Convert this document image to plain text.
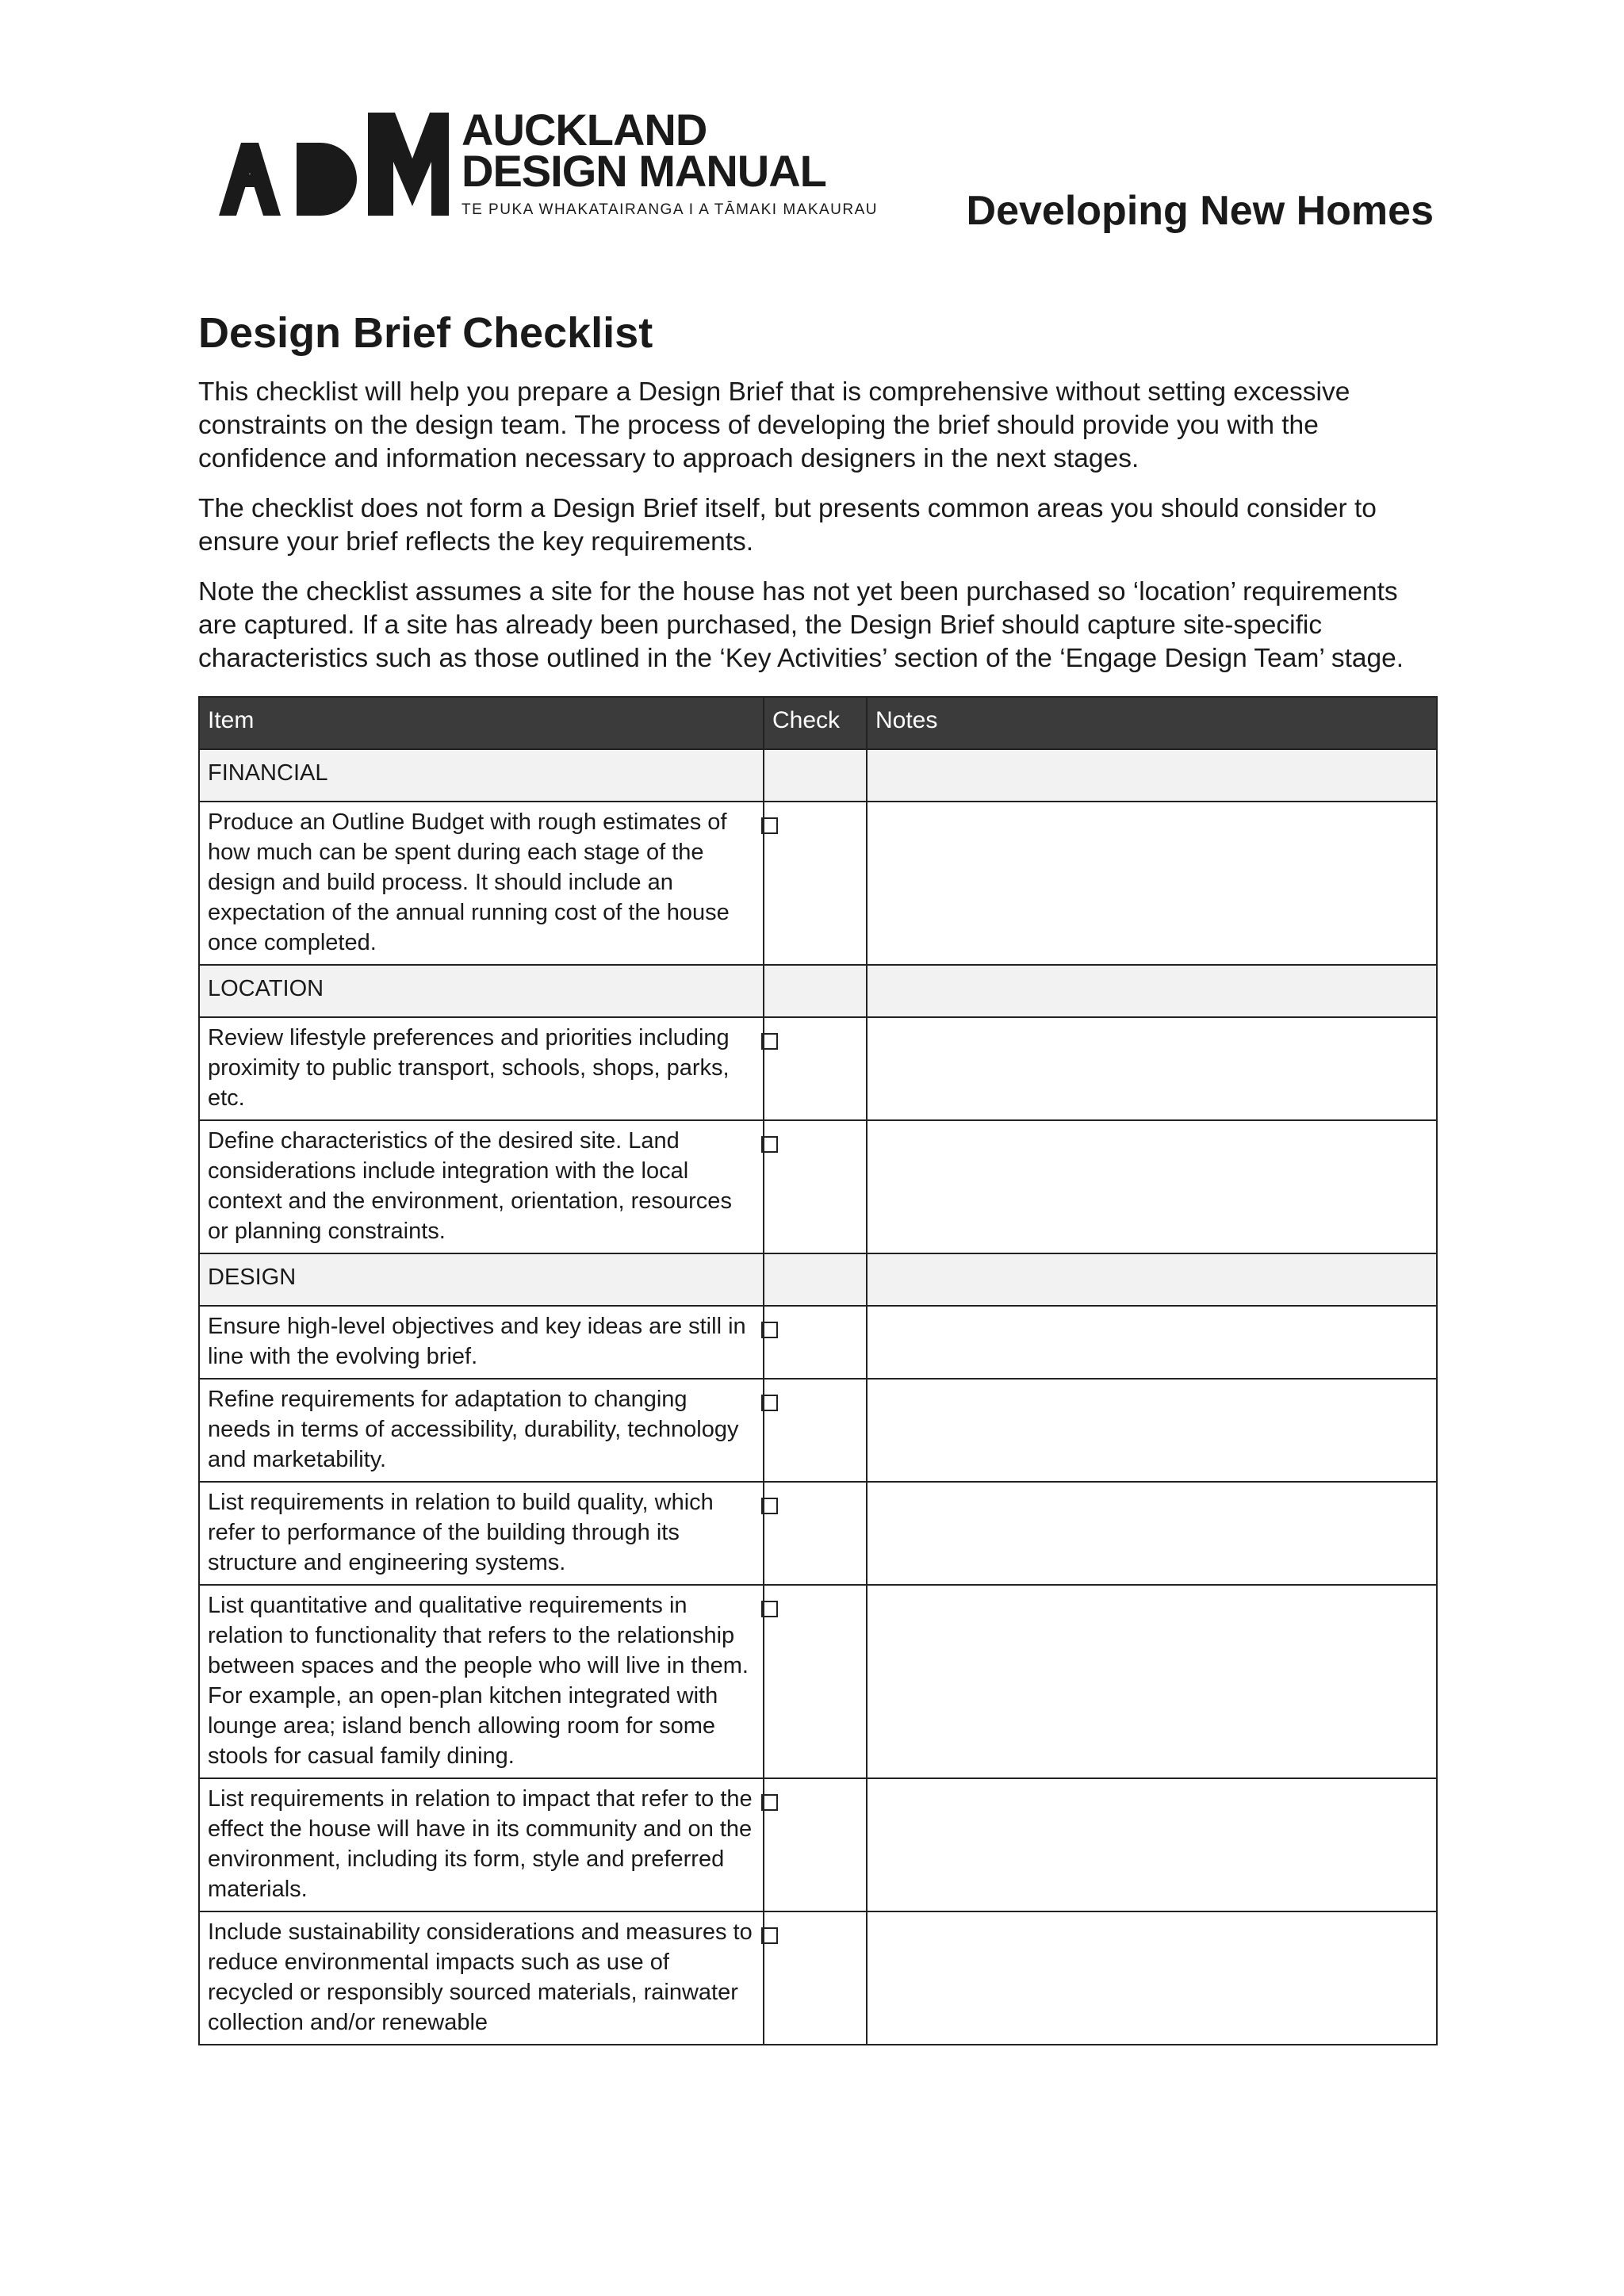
AUCKLAND
DESIGN MANUAL
TE PUKA WHAKATAIRANGA I A TĀMAKI MAKAURAU Developing New Homes
Design Brief Checklist

This checklist will help you prepare a Design Brief that is comprehensive without setting excessive constraints on the design team. The process of developing the brief should provide you with the confidence and information necessary to approach designers in the next stages.

The checklist does not form a Design Brief itself, but presents common areas you should consider to ensure your brief reflects the key requirements.

Note the checklist assumes a site for the house has not yet been purchased so ‘location’ requirements are captured. If a site has already been purchased, the Design Brief should capture site-specific characteristics such as those outlined in the ‘Key Activities’ section of the ‘Engage Design Team’ stage.

Item	Check	Notes
FINANCIAL		
Produce an Outline Budget with rough estimates of how much can be spent during each stage of the design and build process. It should include an expectation of the annual running cost of the house once completed.		
LOCATION		
Review lifestyle preferences and priorities including proximity to public transport, schools, shops, parks, etc.		
Define characteristics of the desired site. Land considerations include integration with the local context and the environment, orientation, resources or planning constraints.		
DESIGN		
Ensure high-level objectives and key ideas are still in line with the evolving brief.		
Refine requirements for adaptation to changing needs in terms of accessibility, durability, technology and marketability.		
List requirements in relation to build quality, which refer to performance of the building through its structure and engineering systems.		
List quantitative and qualitative requirements in relation to functionality that refers to the relationship between spaces and the people who will live in them. For example, an open-plan kitchen integrated with lounge area; island bench allowing room for some stools for casual family dining.		
List requirements in relation to impact that refer to the effect the house will have in its community and on the environment, including its form, style and preferred materials.		
Include sustainability considerations and measures to reduce environmental impacts such as use of recycled or responsibly sourced materials, rainwater collection and/or renewable		
